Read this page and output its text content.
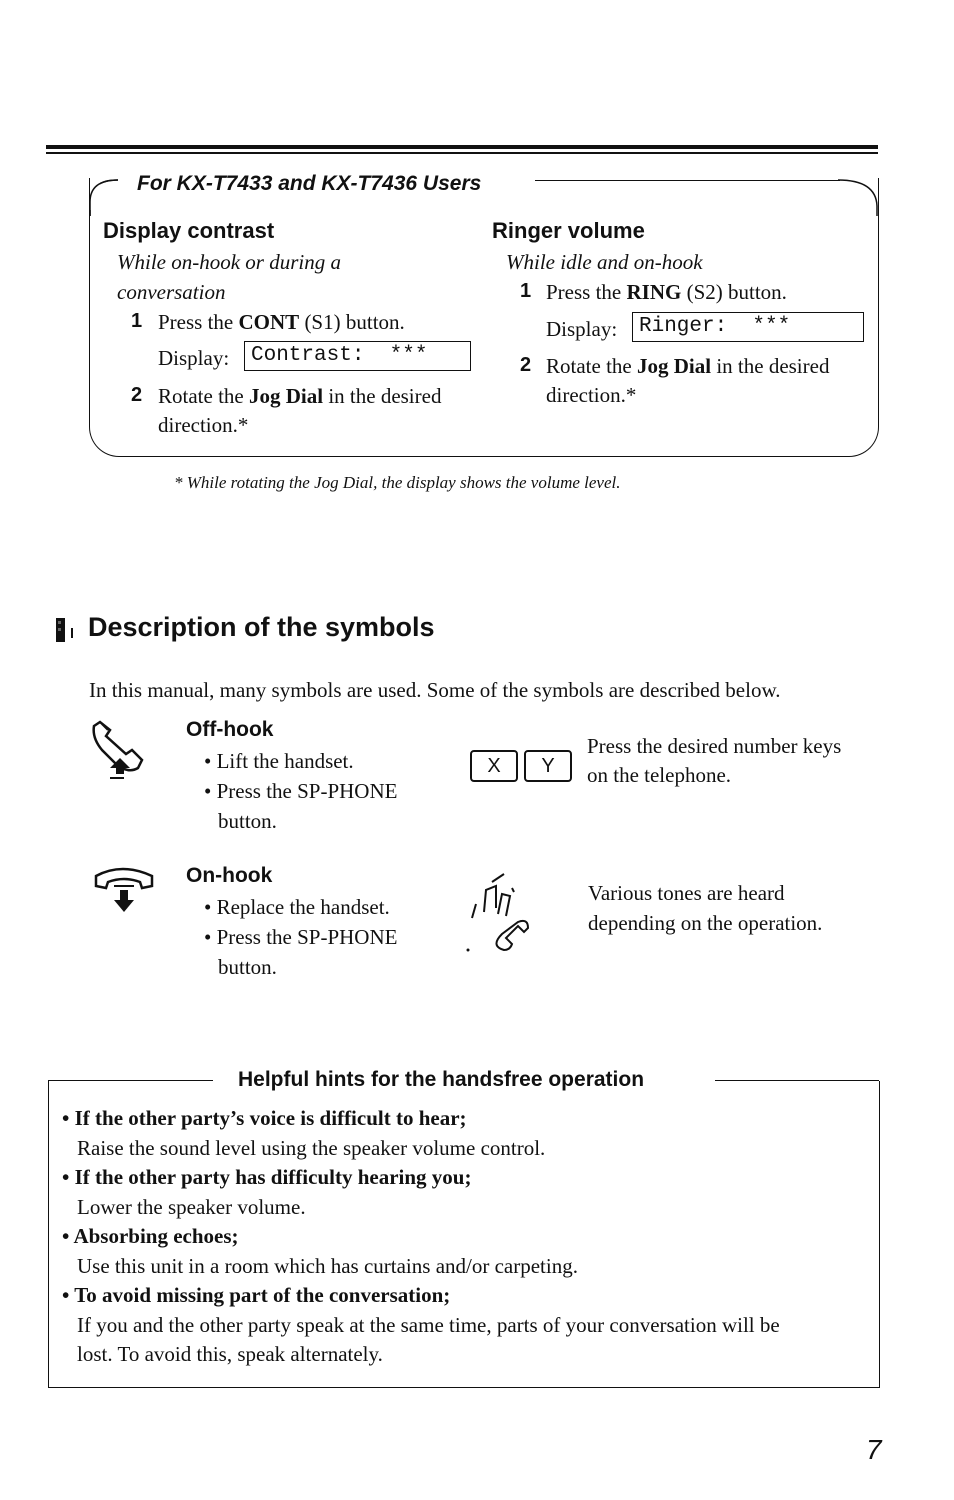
For KX-T7433 and KX-T7436 Users
Display contrast
While on-hook or during a
conversation
1 Press the CONT (S1) button.
Display:	Contrast:  ***
2 Rotate the Jog Dial in the desired
direction.*
Ringer volume
While idle and on-hook
1 Press the RING (S2) button.
Display:	Ringer:  ***
2 Rotate the Jog Dial in the desired
direction.*
* While rotating the Jog Dial, the display shows the volume level.
Description of the symbols
In this manual, many symbols are used. Some of the symbols are described below.
Off-hook
• Lift the handset.
• Press the SP-PHONE
button.
X	Y
Press the desired number keys
on the telephone.
On-hook
• Replace the handset.
• Press the SP-PHONE
button.
Various tones are heard
depending on the operation.
Helpful hints for the handsfree operation
• If the other party’s voice is difficult to hear;
Raise the sound level using the speaker volume control.
• If the other party has difficulty hearing you;
Lower the speaker volume.
• Absorbing echoes;
Use this unit in a room which has curtains and/or carpeting.
• To avoid missing part of the conversation;
If you and the other party speak at the same time, parts of your conversation will be
lost. To avoid this, speak alternately.
7
